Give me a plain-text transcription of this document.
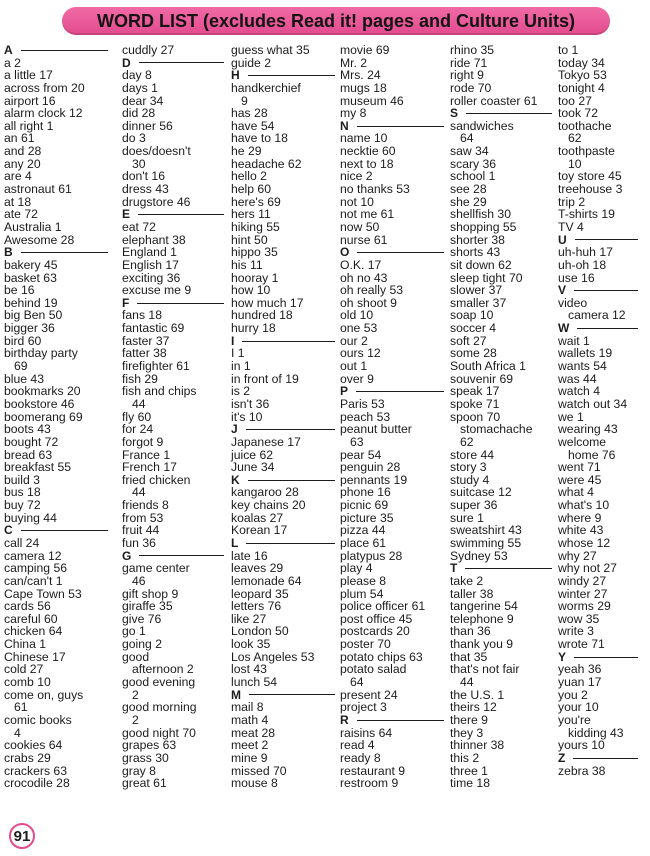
WORD LIST (excludes Read it! pages and Culture Units)
A
a 2
a little 17
across from 20
airport 16
alarm clock 12
all right 1
an 61
and 28
any 20
are 4
astronaut 61
at 18
ate 72
Australia 1
Awesome 28
B
bakery 45
basket 63
be 16
behind 19
big Ben 50
bigger 36
bird 60
birthday party
69
blue 43
bookmarks 20
bookstore 46
boomerang 69
boots 43
bought 72
bread 63
breakfast 55
build 3
bus 18
buy 72
buying 44
C
call 24
camera 12
camping 56
can/can't 1
Cape Town 53
cards 56
careful 60
chicken 64
China 1
Chinese 17
cold 27
comb 10
come on, guys
61
comic books
4
cookies 64
crabs 29
crackers 63
crocodile 28
cuddly 27
D
day 8
days 1
dear 34
did 28
dinner 56
do 3
does/doesn't
30
don't 16
dress 43
drugstore 46
E
eat 72
elephant 38
England 1
English 17
exciting 36
excuse me 9
F
fans 18
fantastic 69
faster 37
fatter 38
firefighter 61
fish 29
fish and chips
44
fly 60
for 24
forgot 9
France 1
French 17
fried chicken
44
friends 8
from 53
fruit 44
fun 36
G
game center
46
gift shop 9
giraffe 35
give 76
go 1
going 2
good
afternoon 2
good evening
2
good morning
2
good night 70
grapes 63
grass 30
gray 8
great 61
guess what 35
guide 2
H
handkerchief
9
has 28
have 54
have to 18
he 29
headache 62
hello 2
help 60
here's 69
hers 11
hiking 55
hint 50
hippo 35
his 11
hooray 1
how 10
how much 17
hundred 18
hurry 18
I
I 1
in 1
in front of 19
is 2
isn't 36
it's 10
J
Japanese 17
juice 62
June 34
K
kangaroo 28
key chains 20
koalas 27
Korean 17
L
late 16
leaves 29
lemonade 64
leopard 35
letters 76
like 27
London 50
look 35
Los Angeles 53
lost 43
lunch 54
M
mail 8
math 4
meat 28
meet 2
mine 9
missed 70
mouse 8
movie 69
Mr. 2
Mrs. 24
mugs 18
museum 46
my 8
N
name 10
necktie 60
next to 18
nice 2
no thanks 53
not 10
not me 61
now 50
nurse 61
O
O.K. 17
oh no 43
oh really 53
oh shoot 9
old 10
one 53
our 2
ours 12
out 1
over 9
P
Paris 53
peach 53
peanut butter
63
pear 54
penguin 28
pennants 19
phone 16
picnic 69
picture 35
pizza 44
place 61
platypus 28
play 4
please 8
plum 54
police officer 61
post office 45
postcards 20
poster 70
potato chips 63
potato salad
64
present 24
project 3
R
raisins 64
read 4
ready 8
restaurant 9
restroom 9
rhino 35
ride 71
right 9
rode 70
roller coaster 61
S
sandwiches
64
saw 34
scary 36
school 1
see 28
she 29
shellfish 30
shopping 55
shorter 38
shorts 43
sit down 62
sleep tight 70
slower 37
smaller 37
soap 10
soccer 4
soft 27
some 28
South Africa 1
souvenir 69
speak 17
spoke 71
spoon 70
stomachache
62
store 44
story 3
study 4
suitcase 12
super 36
sure 1
sweatshirt 43
swimming 55
Sydney 53
T
take 2
taller 38
tangerine 54
telephone 9
than 36
thank you 9
that 35
that's not fair
44
the U.S. 1
theirs 12
there 9
they 3
thinner 38
this 2
three 1
time 18
to 1
today 34
Tokyo 53
tonight 4
too 27
took 72
toothache
62
toothpaste
10
toy store 45
treehouse 3
trip 2
T-shirts 19
TV 4
U
uh-huh 17
uh-oh 18
use 16
V
video
camera 12
W
wait 1
wallets 19
wants 54
was 44
watch 4
watch out 34
we 1
wearing 43
welcome
home 76
went 71
were 45
what 4
what's 10
where 9
white 43
whose 12
why 27
why not 27
windy 27
winter 27
worms 29
wow 35
write 3
wrote 71
Y
yeah 36
yuan 17
you 2
your 10
you're
kidding 43
yours 10
Z
zebra 38
91
